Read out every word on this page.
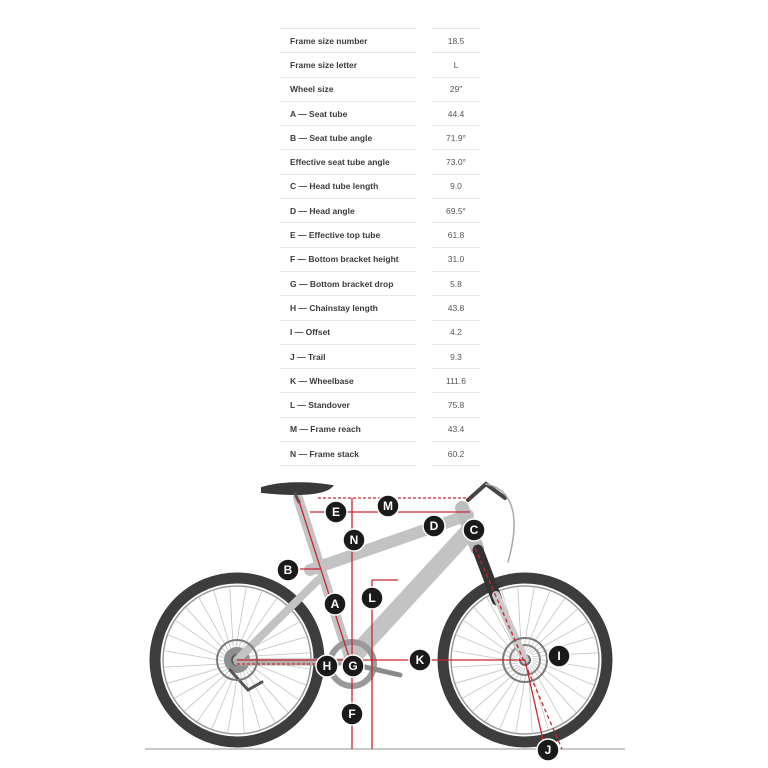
Frame size number		18.5
Frame size letter		L
Wheel size		29"
A — Seat tube		44.4
B — Seat tube angle		71.9°
Effective seat tube angle		73.0°
C — Head tube length		9.0
D — Head angle		69.5°
E — Effective top tube		61.8
F — Bottom bracket height		31.0
G — Bottom bracket drop		5.8
H — Chainstay length		43.8
I — Offset		4.2
J — Trail		9.3
K — Wheelbase		111.6
L — Standover		75.8
M — Frame reach		43.4
N — Frame stack		60.2
A
B
C
D
E
F
G
H
I
J
K
L
M
N
